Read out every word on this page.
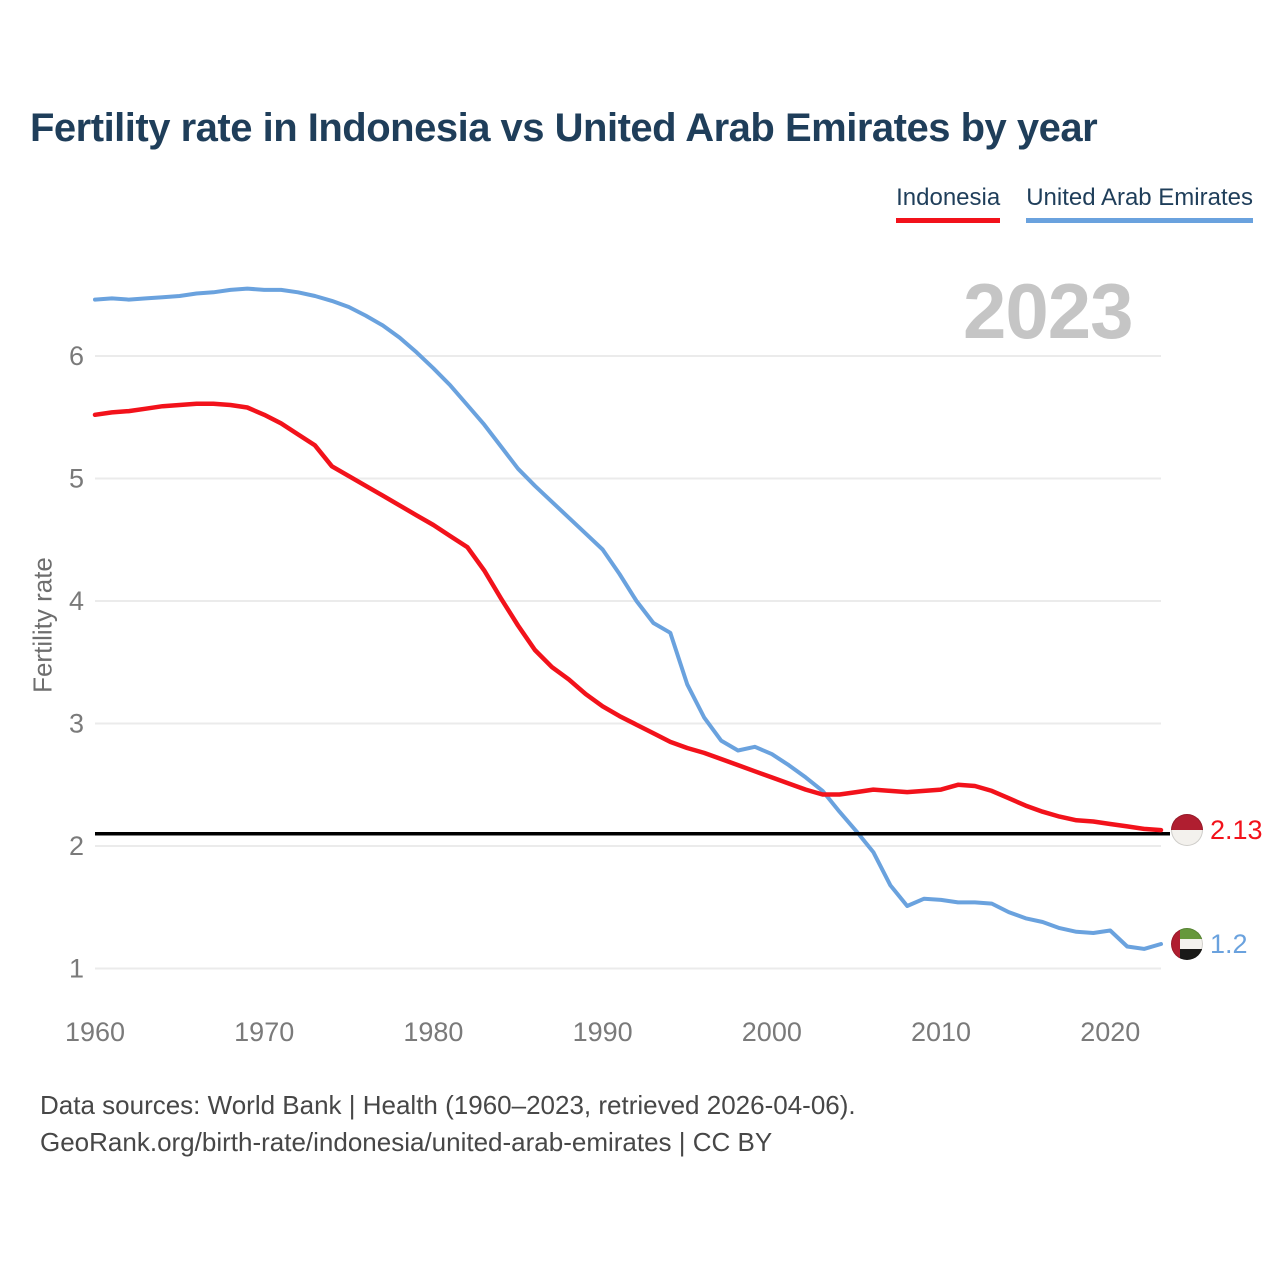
Fertility rate in Indonesia vs United Arab Emirates by year
Indonesia United Arab Emirates
2023
Fertility rate
1
2
3
4
5
6
1960	1970	1980	1990	2000	2010	2020
2.13
1.2
Data sources: World Bank | Health (1960–2023, retrieved 2026-04-06).
GeoRank.org/birth-rate/indonesia/united-arab-emirates | CC BY
